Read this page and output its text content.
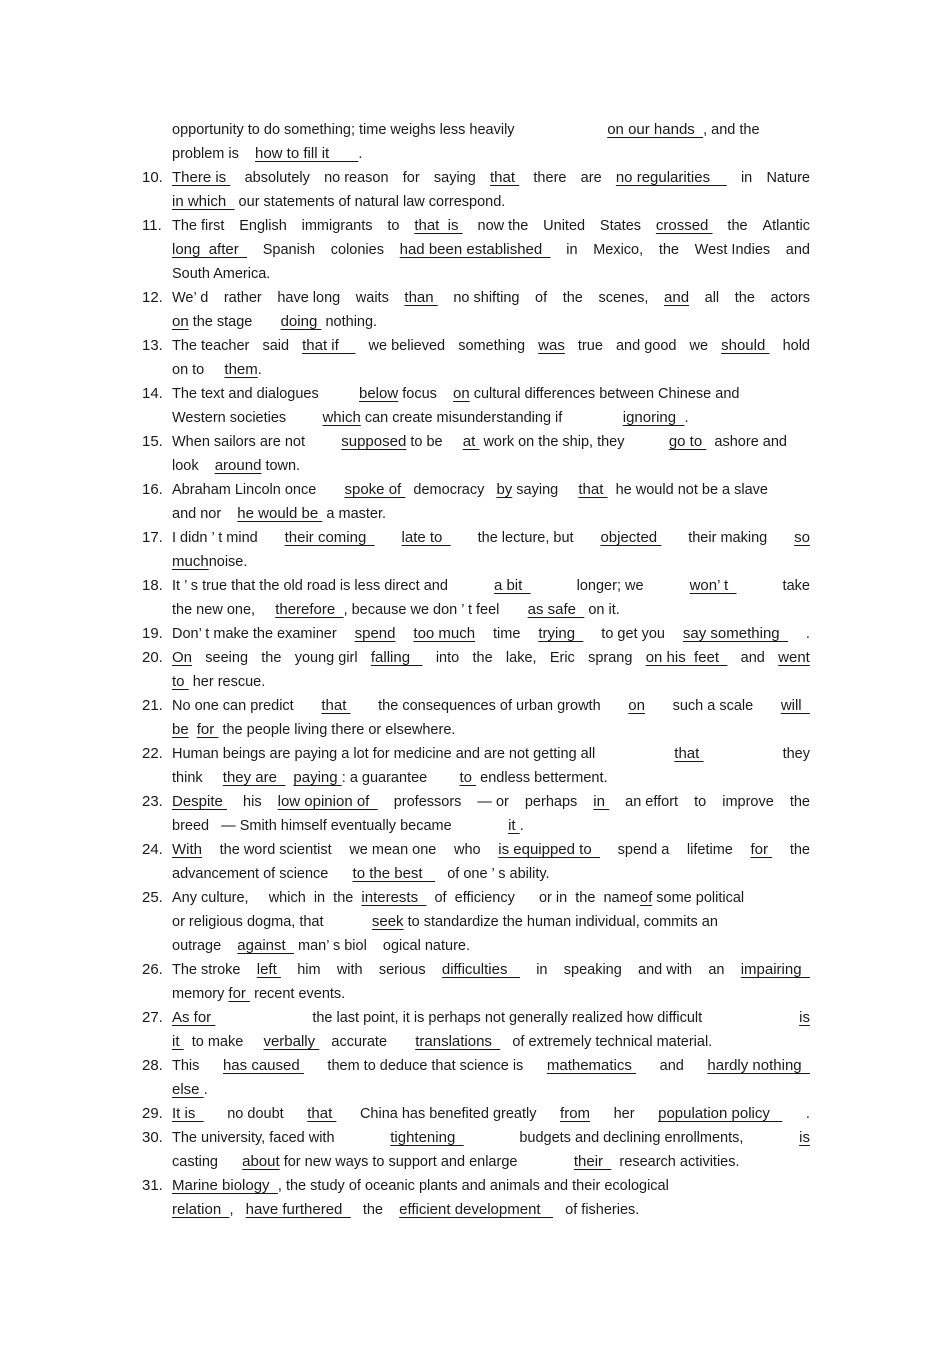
opportunity to do something; time weighs less heavily
	on our hands , and the
problem is how to fill it .
10. There is absolutely no reason for saying that there are no regularities in Nature
in which our statements of natural law correspond.
11. The first English immigrants to that  is now the United States crossed the Atlantic
long  after Spanish colonies had been established in Mexico, the West Indies and
South America.
12. We’ d rather have long waits than no shifting of the scenes, and all the actors
on the stage doing nothing.
13. The teacher said that if we believed something was true and good we should hold
on to them .
14. The text and dialogues below focus on cultural differences between Chinese and
Western societies which can create misunderstanding if ignoring .
15. When sailors are not supposed to be at work on the ship, they go to ashore and
look around town.
16. Abraham Lincoln once spoke of democracy by saying that he would not be a slave
and nor he would be a master.
17. I didn ’ t mind their coming late to the lecture, but objected their making so
much noise.
18. It ’ s true that the old road is less direct and	a bit	longer; we	won’ t	take
the new one, therefore , because we don ’ t feel as safe on it.
19. Don’ t make the examiner spend too much time trying to get you say something .
20. On seeing the young girl falling into the lake, Eric sprang on his  feet and went
to her rescue.
21. No one can predict that the consequences of urban growth on such a scale will
be
for the people living there or elsewhere.
22. Human beings are paying a lot for medicine and are not getting all	that	they
think they are
paying : a guarantee to endless betterment.
23. Despite his low opinion of professors — or perhaps in an effort to improve the
breed   — Smith himself eventually became it .
24. With the word scientist we mean one who is equipped to spend a lifetime for the
advancement of science to the best of one ’ s ability.
25. Any culture,     which  in  the interests of  efficiency      or in  the  name of some political
or religious dogma, that seek to standardize the human individual, commits an
outrage against man’ s biol    ogical nature.
26. The stroke left him with serious difficulties in speaking and with an impairing
memory for recent events.
27. As for	the last point, it is perhaps not generally realized how difficult	is
it to make verbally accurate translations of extremely technical material.
28. This has caused them to deduce that science is mathematics and hardly nothing
else .
29. It is no doubt that China has benefited greatly from her population policy .
30. The university, faced with	tightening	budgets and declining enrollments,	is
casting about for new ways to support and enlarge their research activities.
31. Marine biology , the study of oceanic plants and animals and their ecological
relation , have furthered the efficient development of fisheries.
